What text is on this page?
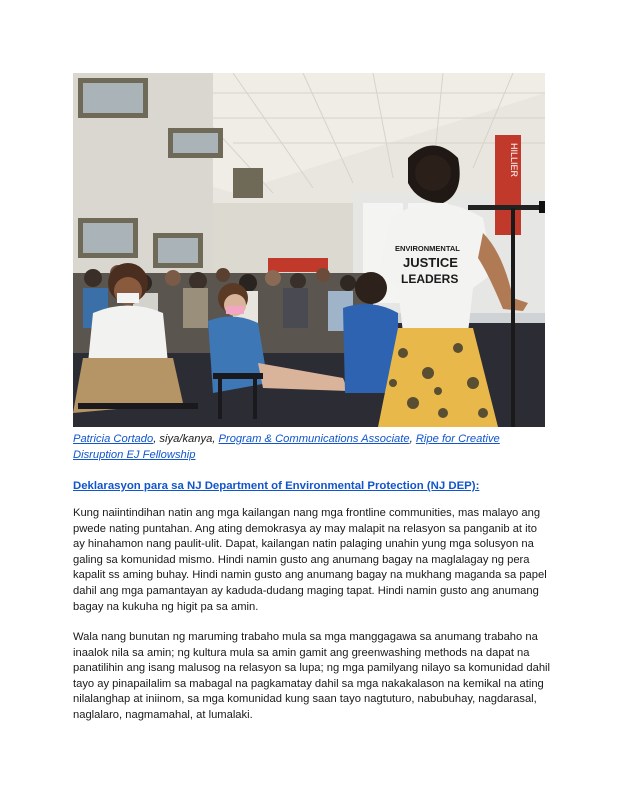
HILLIER
ENVIRONMENTAL
JUSTICE
LEADERS
Patricia Cortado, siya/kanya, Program & Communications Associate, Ripe for Creative Disruption EJ Fellowship
Deklarasyon para sa NJ Department of Environmental Protection (NJ DEP):

Kung naiintindihan natin ang mga kailangan nang mga frontline communities, mas malayo ang pwede nating puntahan. Ang ating demokrasya ay may malapit na relasyon sa panganib at ito ay hinahamon nang paulit-ulit. Dapat, kailangan natin palaging unahin yung mga solusyon na galing sa komunidad mismo. Hindi namin gusto ang anumang bagay na maglalagay ng pera kapalit ss aming buhay. Hindi namin gusto ang anumang bagay na mukhang maganda sa papel dahil ang mga pamantayan ay kaduda-dudang maging tapat. Hindi namin gusto ang anumang bagay na kukuha ng higit pa sa amin.

Wala nang bunutan ng maruming trabaho mula sa mga manggagawa sa anumang trabaho na inaalok nila sa amin; ng kultura mula sa amin gamit ang greenwashing methods na dapat na panatilihin ang isang malusog na relasyon sa lupa; ng mga pamilyang nilayo sa komunidad dahil tayo ay pinapailalim sa mabagal na pagkamatay dahil sa mga nakakalason na kemikal na ating nilalanghap at iniinom, sa mga komunidad kung saan tayo nagtuturo, nabubuhay, nagdarasal, naglalaro, nagmamahal, at lumalaki.
